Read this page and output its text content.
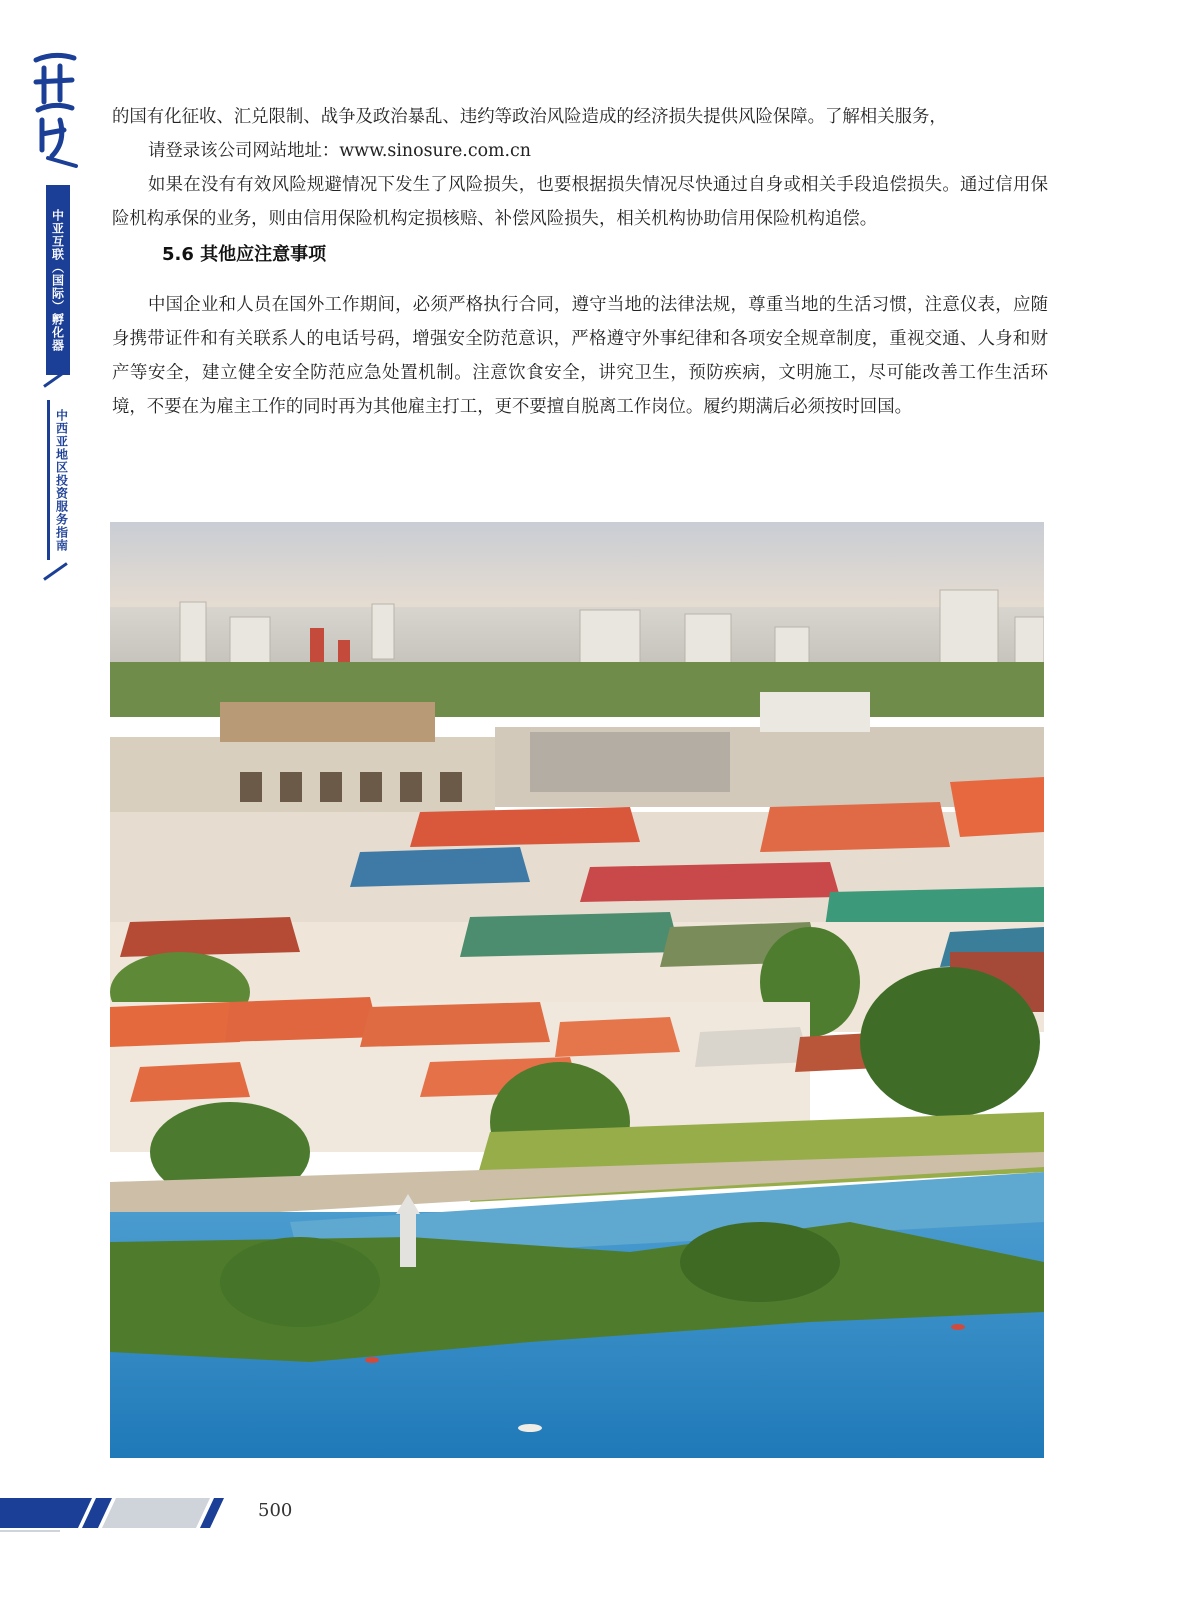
中亚互联（国际）孵化器
中西亚地区投资服务指南

的国有化征收、汇兑限制、战争及政治暴乱、违约等政治风险造成的经济损失提供风险保障。了解相关服务，

请登录该公司网站地址：www.sinosure.com.cn

如果在没有有效风险规避情况下发生了风险损失，也要根据损失情况尽快通过自身或相关手段追偿损失。通过信用保险机构承保的业务，则由信用保险机构定损核赔、补偿风险损失，相关机构协助信用保险机构追偿。

5.6 其他应注意事项

中国企业和人员在国外工作期间，必须严格执行合同，遵守当地的法律法规，尊重当地的生活习惯，注意仪表，应随身携带证件和有关联系人的电话号码，增强安全防范意识，严格遵守外事纪律和各项安全规章制度，重视交通、人身和财产等安全，建立健全安全防范应急处置机制。注意饮食安全，讲究卫生，预防疾病，文明施工，尽可能改善工作生活环境，不要在为雇主工作的同时再为其他雇主打工，更不要擅自脱离工作岗位。履约期满后必须按时回国。

500
